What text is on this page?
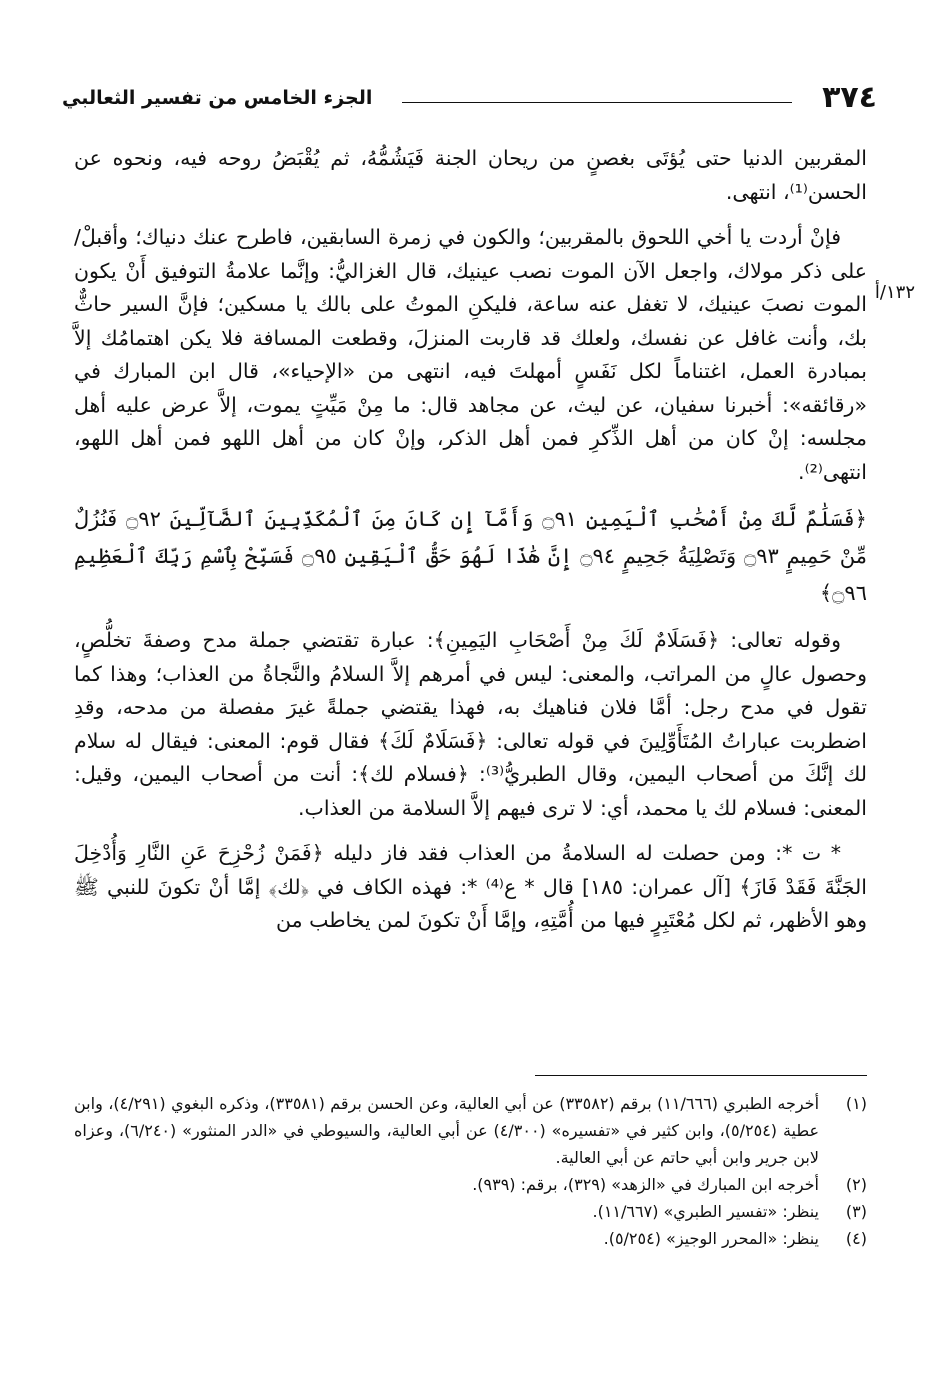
٣٧٤
الجزء الخامس من تفسير الثعالبي
١٣٢/أ

المقربين الدنيا حتى يُؤتَى بغصنٍ من ريحان الجنة فَيَشُمُّهُ، ثم يُقْبَضُ روحه فيه، ونحوه عن الحسن⁽¹⁾، انتهى.

فإنْ أردت يا أخي اللحوق بالمقربين؛ والكون في زمرة السابقين، فاطرح عنك دنياك؛ وأقبلْ/ على ذكر مولاك، واجعل الآن الموت نصب عينيك، قال الغزاليُّ: وإنَّما علامةُ التوفيق أَنْ يكون الموت نصبَ عينيك، لا تغفل عنه ساعة، فليكنِ الموتُ على بالك يا مسكين؛ فإنَّ السير حاثٌّ بك، وأنت غافل عن نفسك، ولعلك قد قاربت المنزلَ، وقطعت المسافة فلا يكن اهتمامُك إلاَّ بمبادرة العمل، اغتناماً لكل نَفَسٍ أمهلتَ فيه، انتهى من «الإحياء»، قال ابن المبارك في «رقائقه»: أخبرنا سفيان، عن ليث، عن مجاهد قال: ما مِنْ مَيِّتٍ يموت، إلاَّ عرض عليه أهل مجلسه: إنْ كان من أهل الذِّكرِ فمن أهل الذكر، وإنْ كان من أهل اللهو فمن أهل اللهو، انتهى⁽²⁾.

﴿فَسَلَٰمٌ لَّكَ مِنْ أَصْحَٰبِ ٱلْيَمِينِ ۝٩١ وَأَمَّآ إِن كَانَ مِنَ ٱلْمُكَذِّبِينَ ٱلضَّآلِّينَ ۝٩٢ فَنُزُلٌ مِّنْ حَمِيمٍ ۝٩٣ وَتَصْلِيَةُ جَحِيمٍ ۝٩٤ إِنَّ هَٰذَا لَهُوَ حَقُّ ٱلْيَقِينِ ۝٩٥ فَسَبِّحْ بِٱسْمِ رَبِّكَ ٱلْعَظِيمِ ۝٩٦﴾

وقوله تعالى: ﴿فَسَلَامٌ لَكَ مِنْ أَصْحَابِ اليَمِينِ﴾: عبارة تقتضي جملة مدح وصفةَ تخلُّصٍ، وحصول عالٍ من المراتب، والمعنى: ليس في أمرهم إلاَّ السلامُ والنَّجاةُ من العذاب؛ وهذا كما تقول في مدح رجل: أمَّا فلان فناهيك به، فهذا يقتضي جملةً غيرَ مفصلة من مدحه، وقدِ اضطربت عباراتُ المُتَأَوِّلِينَ في قوله تعالى: ﴿فَسَلَامٌ لَكَ﴾ فقال قوم: المعنى: فيقال له سلام لك إنَّكَ من أصحاب اليمين، وقال الطبريُّ⁽³⁾: ﴿فسلام لك﴾: أنت من أصحاب اليمين، وقيل: المعنى: فسلام لك يا محمد، أي: لا ترى فيهم إلاَّ السلامة من العذاب.

* ت *: ومن حصلت له السلامةُ من العذاب فقد فاز دليله ﴿فَمَنْ زُحْزِحَ عَنِ النَّارِ وَأُدْخِلَ الجَنَّةَ فَقَدْ فَازَ﴾ [آل عمران: ١٨٥] قال * ع⁽⁴⁾ *: فهذه الكاف في ﴿لك﴾ إمَّا أنْ تكونَ للنبي ﷺ وهو الأظهر، ثم لكل مُعْتَبِرٍ فيها من أُمَّتِهِ، وإمَّا أَنْ تكونَ لمن يخاطب من

(١)
أخرجه الطبري (١١/٦٦٦) برقم (٣٣٥٨٢) عن أبي العالية، وعن الحسن برقم (٣٣٥٨١)، وذكره البغوي (٤/٢٩١)، وابن عطية (٥/٢٥٤)، وابن كثير في «تفسيره» (٤/٣٠٠) عن أبي العالية، والسيوطي في «الدر المنثور» (٦/٢٤٠)، وعزاه لابن جرير وابن أبي حاتم عن أبي العالية.
(٢)
أخرجه ابن المبارك في «الزهد» (٣٢٩)، برقم: (٩٣٩).
(٣)
ينظر: «تفسير الطبري» (١١/٦٦٧).
(٤)
ينظر: «المحرر الوجيز» (٥/٢٥٤).
